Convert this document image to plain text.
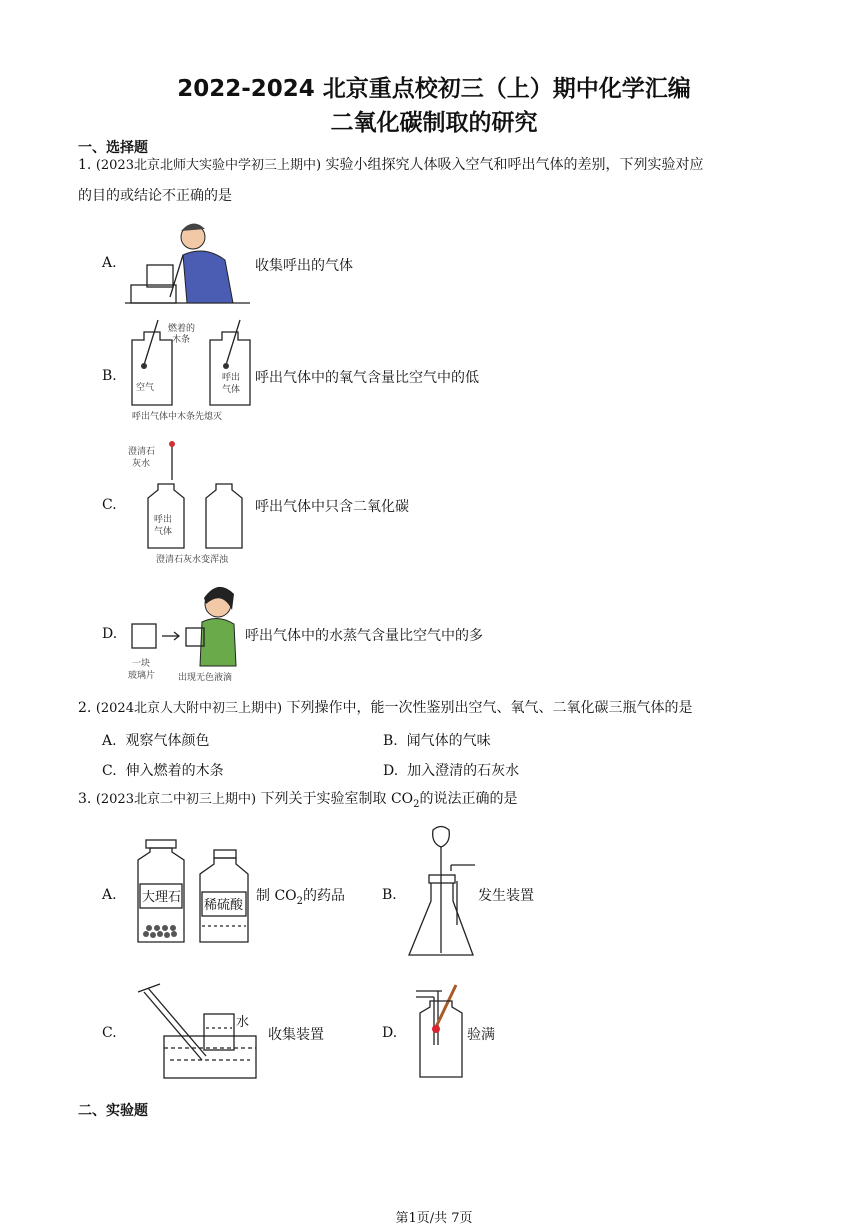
2022-2024 北京重点校初三（上）期中化学汇编
二氧化碳制取的研究
一、选择题
1. (2023北京北师大实验中学初三上期中) 实验小组探究人体吸入空气和呼出气体的差别，下列实验对应
的目的或结论不正确的是
A.	收集呼出的气体
B.
燃着的
木条
空气
呼出
气体
呼出气体中木条先熄灭
呼出气体中的氧气含量比空气中的低
C.
澄清石
灰水
呼出
气体
澄清石灰水变浑浊
呼出气体中只含二氧化碳
D.
一块
玻璃片	出现无色液滴
呼出气体中的水蒸气含量比空气中的多
2. (2024北京人大附中初三上期中) 下列操作中，能一次性鉴别出空气、氧气、二氧化碳三瓶气体的是
A. 观察气体颜色	B. 闻气体的气味
C. 伸入燃着的木条	D. 加入澄清的石灰水
3. (2023北京二中初三上期中) 下列关于实验室制取 $CO_2$的说法正确的是
A. 大理石
稀硫酸
制 $CO_2$的药品	B.	发生装置
C.
水
收集装置	D.	验满
二、实验题
第1页/共 7页
